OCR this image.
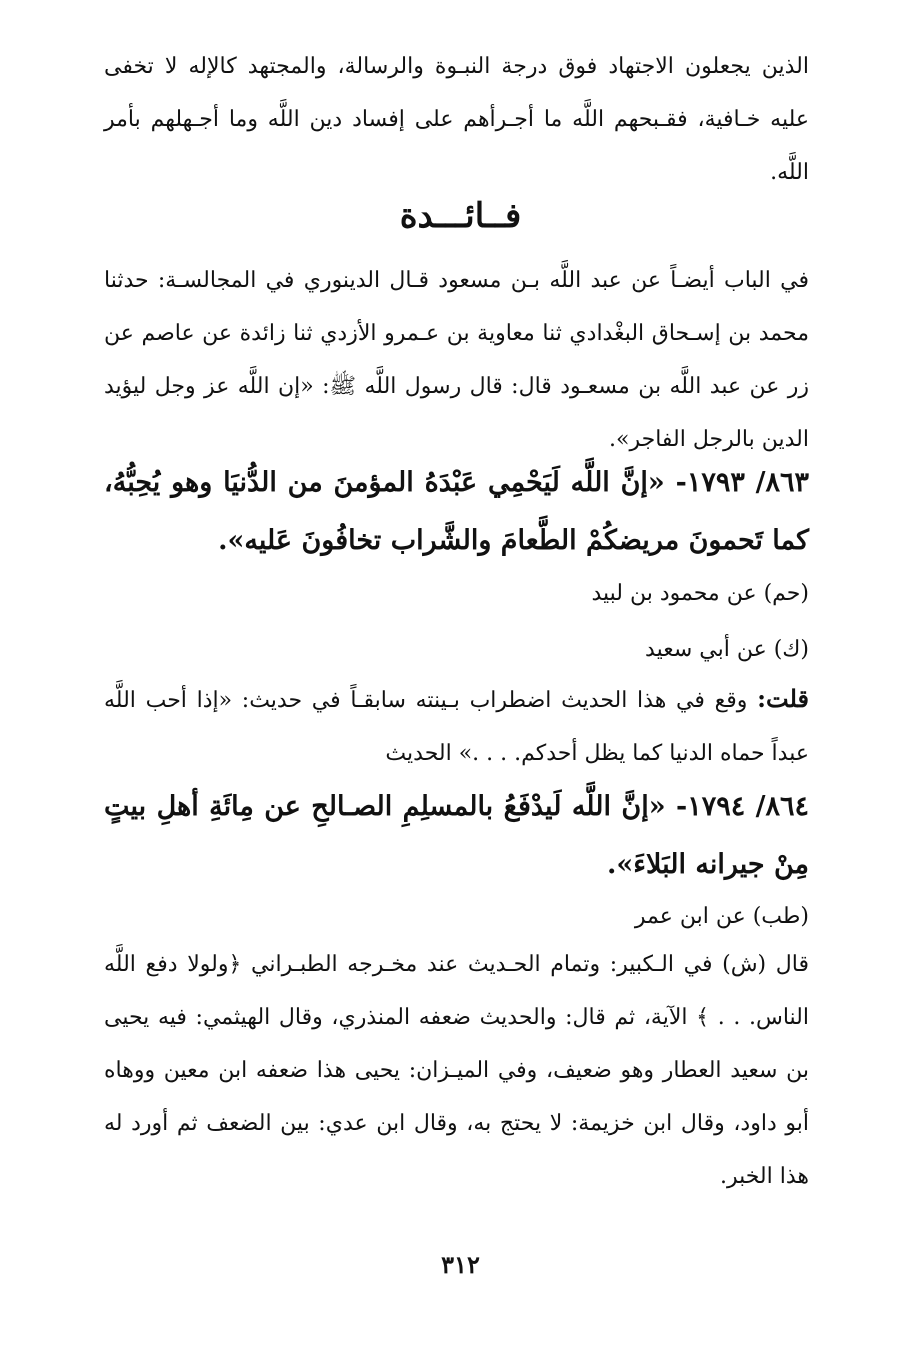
الذين يجعلون الاجتهاد فوق درجة النبـوة والرسالة، والمجتهد كالإله لا تخفى عليه خـافية، فقـبحهم اللَّه ما أجـرأهم على إفساد دين اللَّه وما أجـهلهم بأمر اللَّه.

فــائـــدة

في الباب أيضـاً عن عبد اللَّه بـن مسعود قـال الدينوري في المجالسـة: حدثنا محمد بن إسـحاق البغْدادي ثنا معاوية بن عـمرو الأزدي ثنا زائدة عن عاصم عن زر عن عبد اللَّه بن مسعـود قال: قال رسول اللَّه ﷺ: «إن اللَّه عز وجل ليؤيد الدين بالرجل الفاجر».

٨٦٣/ ١٧٩٣- «إنَّ اللَّه لَيَحْمِي عَبْدَهُ المؤمنَ من الدُّنيَا وهو يُحِبُّهُ، كما تَحمونَ مريضكُمْ الطَّعامَ والشَّراب تخافُونَ عَليه».

(حم) عن محمود بن لبيد
(ك) عن أبي سعيد

قلت: وقع في هذا الحديث اضطراب بـينته سابقـاً في حديث: «إذا أحب اللَّه عبداً حماه الدنيا كما يظل أحدكم. . . .» الحديث

٨٦٤/ ١٧٩٤- «إنَّ اللَّه لَيدْفَعُ بالمسلِمِ الصـالحِ عن مِائَةِ أهلِ بيتٍ مِنْ جيرانه البَلاءَ».

(طب) عن ابن عمر

قال (ش) في الـكبير: وتمام الحـديث عند مخـرجه الطبـراني ﴿ولولا دفع اللَّه الناس. . . ﴾ الآية، ثم قال: والحديث ضعفه المنذري، وقال الهيثمي: فيه يحيى بن سعيد العطار وهو ضعيف، وفي الميـزان: يحيى هذا ضعفه ابن معين ووهاه أبو داود، وقال ابن خزيمة: لا يحتج به، وقال ابن عدي: بين الضعف ثم أورد له هذا الخبر.

٣١٢
